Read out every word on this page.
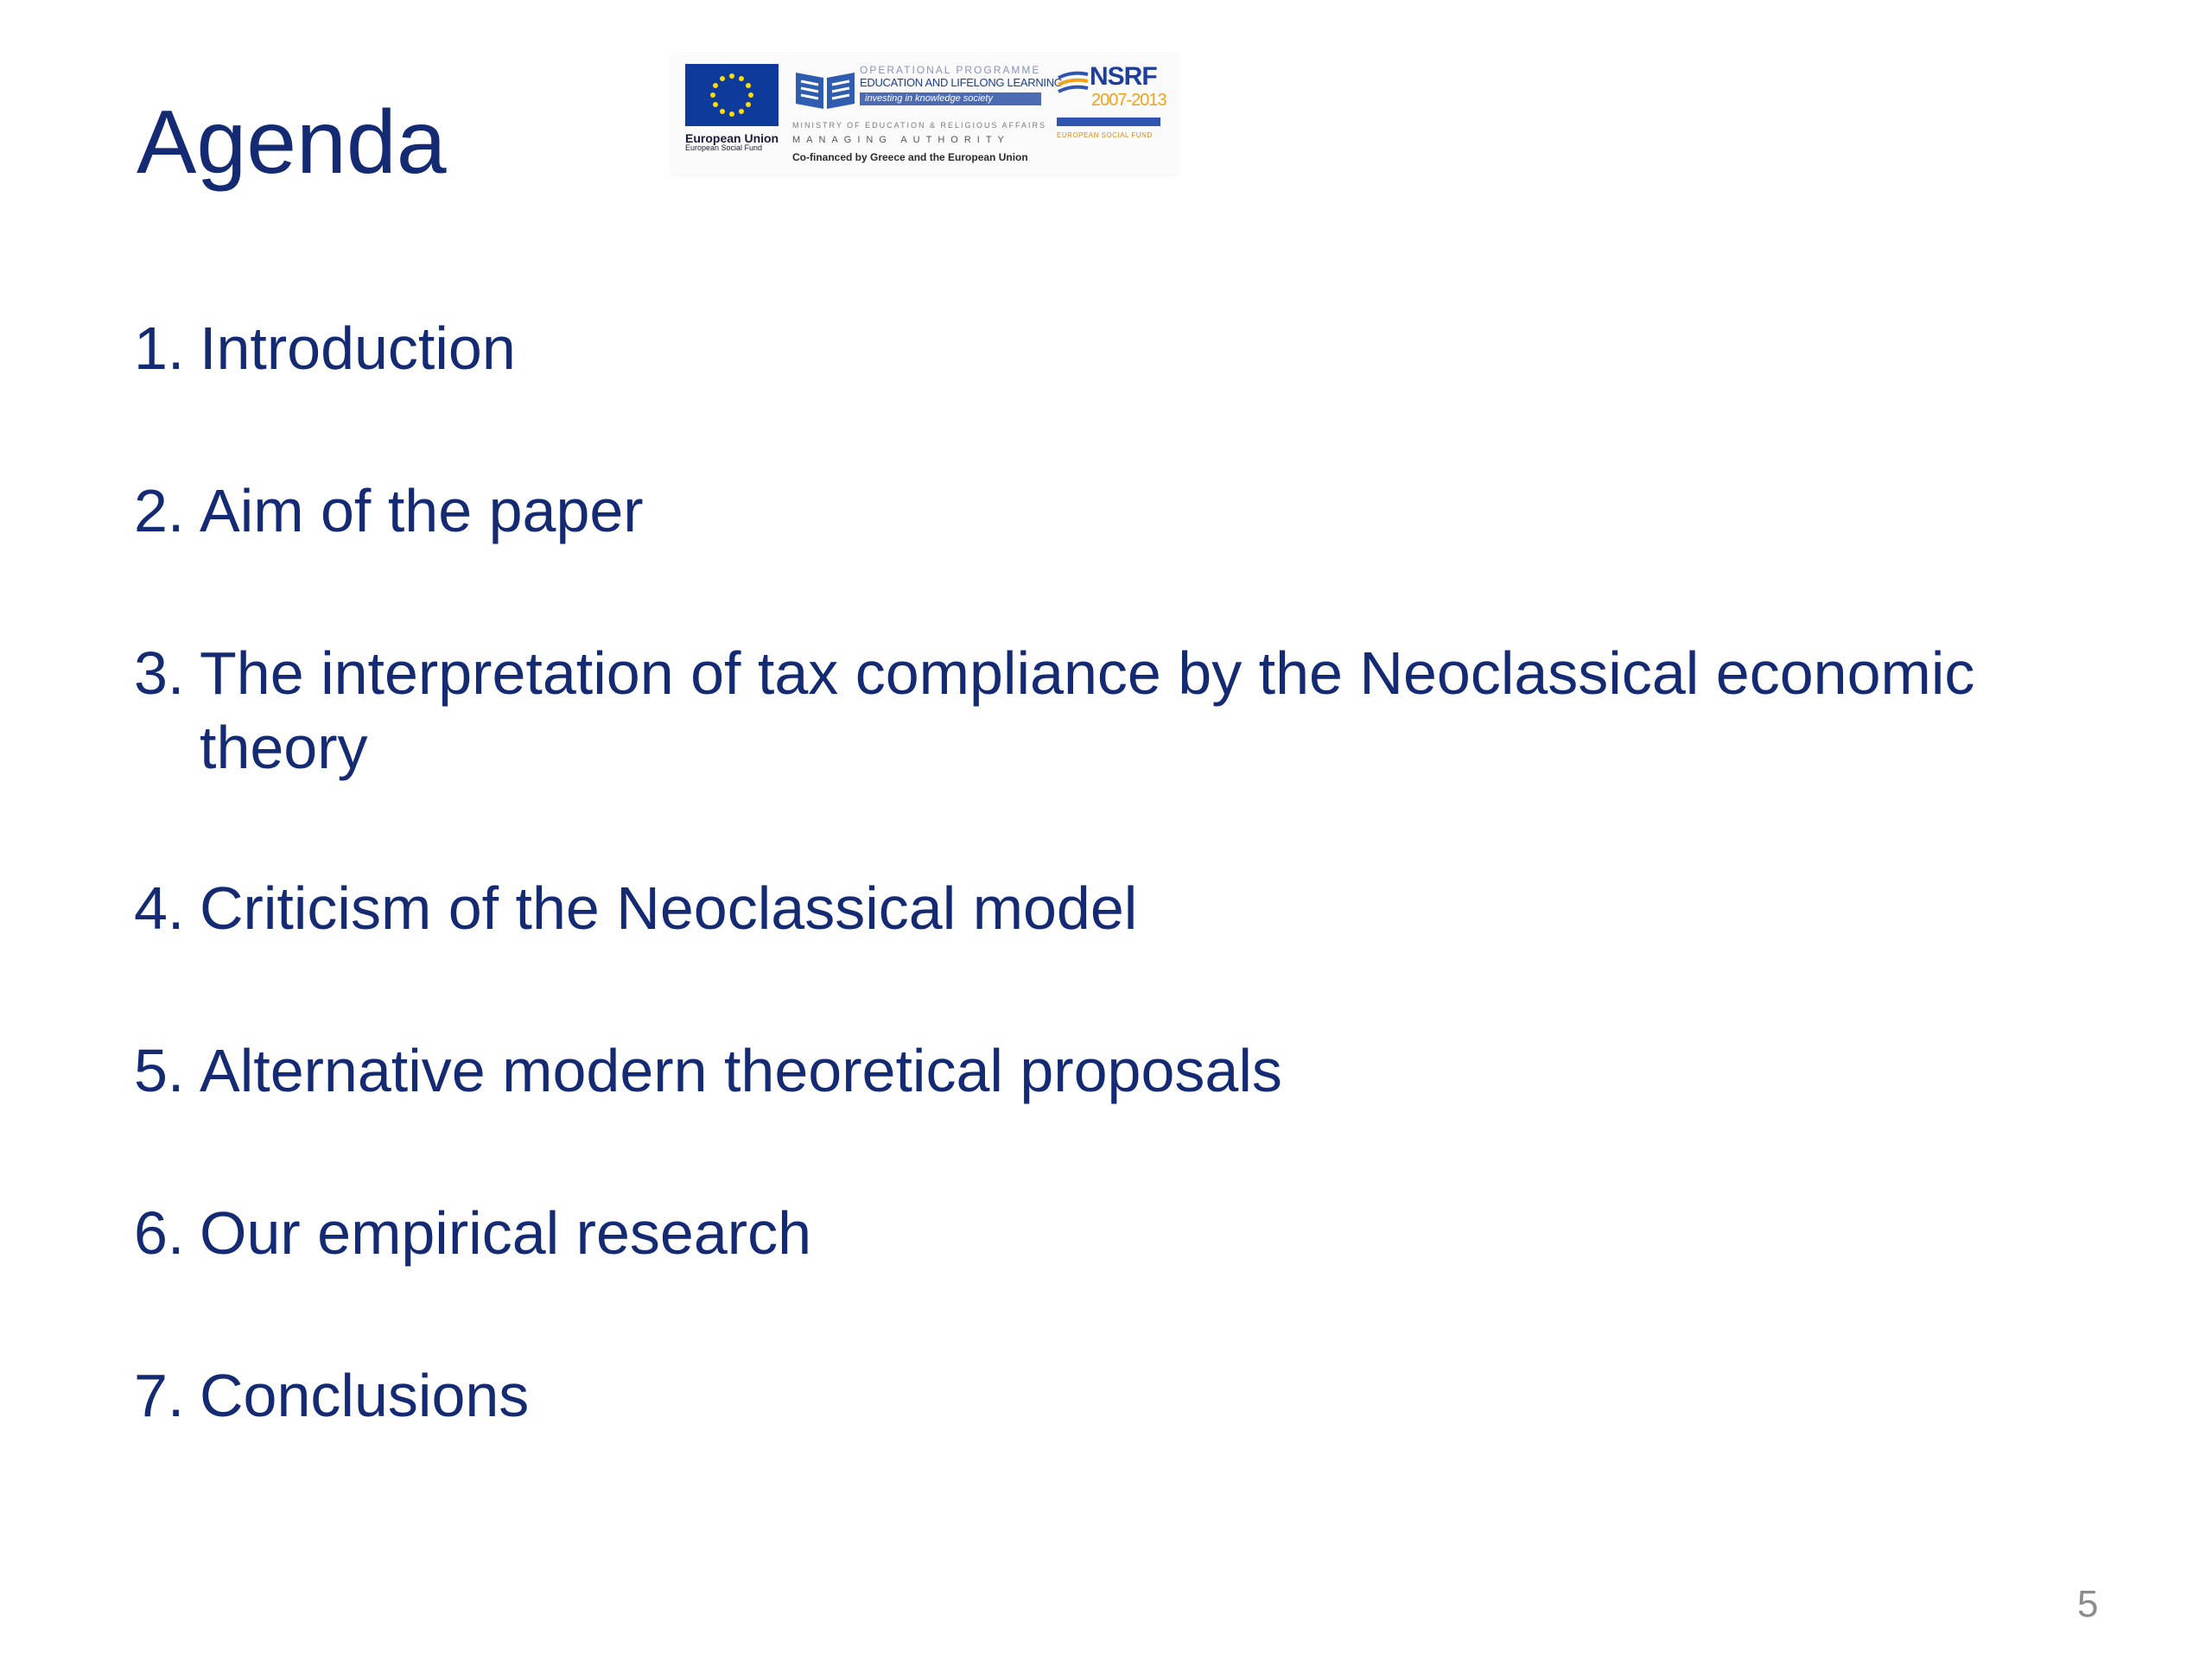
Agenda	European Union
European Social Fund
OPERATIONAL PROGRAMME
EDUCATION AND LIFELONG LEARNING
investing in knowledge society
MINISTRY OF EDUCATION & RELIGIOUS AFFAIRS
MANAGING AUTHORITY
Co-financed by Greece and the European Union
NSRF
2007-2013
EUROPEAN SOCIAL FUND
1. Introduction
2. Aim of the paper
3. The interpretation of tax compliance by the Neoclassical economic theory
4. Criticism of the Neoclassical model
5. Alternative modern theoretical proposals
6. Our empirical research
7. Conclusions
5
